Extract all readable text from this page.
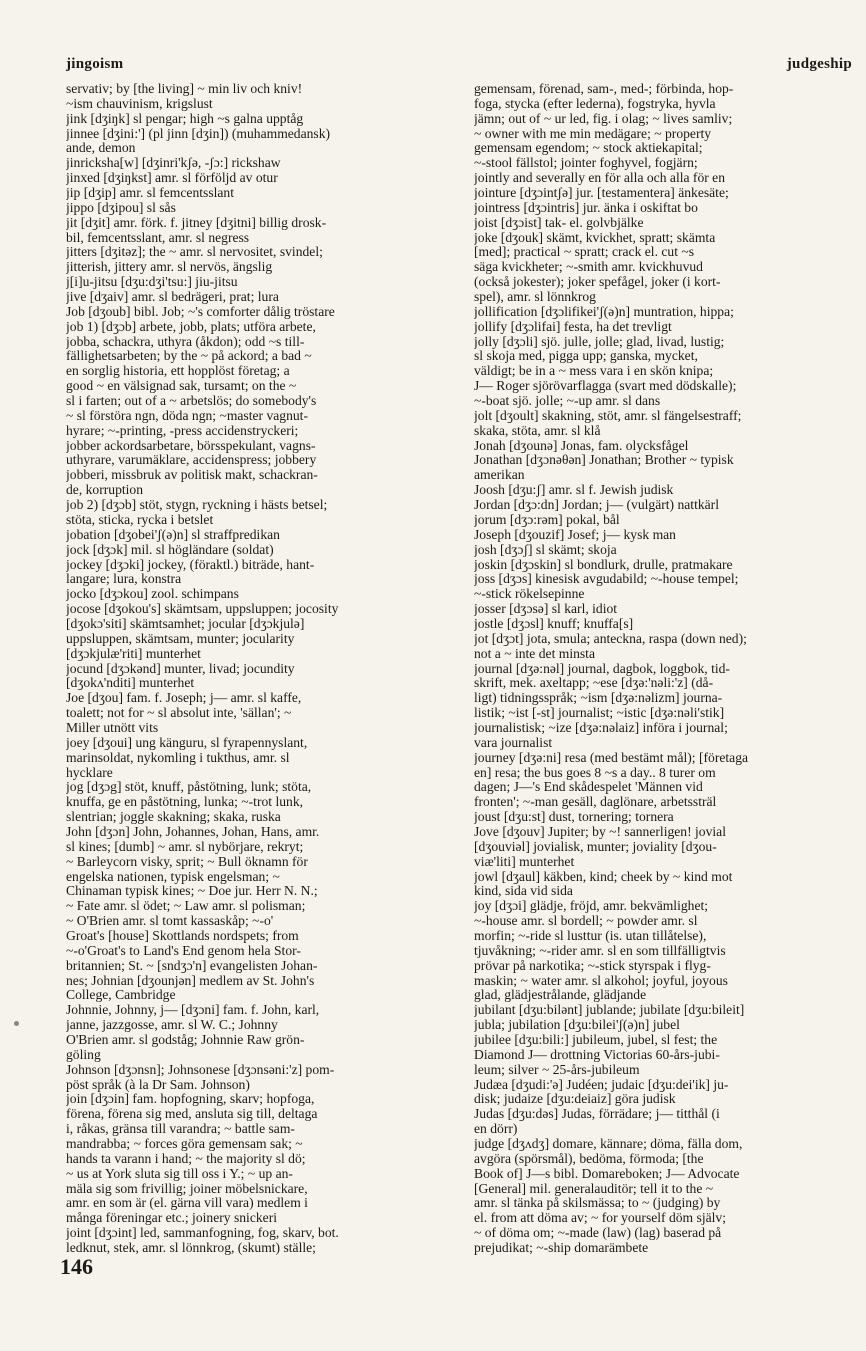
jingoism	judgeship
servativ; by [the living] ~ min liv och kniv!
~ism chauvinism, krigslust
jink [dʒiŋk] sl pengar; high ~s galna upptåg
jinnee [dʒini:'] (pl jinn [dʒin]) (muhammedansk)
ande, demon
jinricksha[w] [dʒinri'kʃə, -ʃɔ:] rickshaw
jinxed [dʒiŋkst] amr. sl förföljd av otur
jip [dʒip] amr. sl femcentsslant
jippo [dʒipou] sl sås
jit [dʒit] amr. förk. f. jitney [dʒitni] billig drosk-
bil, femcentsslant, amr. sl negress
jitters [dʒitəz]; the ~ amr. sl nervositet, svindel;
jitterish, jittery amr. sl nervös, ängslig
j[i]u-jitsu [dʒu:dʒi'tsu:] jiu-jitsu
jive [dʒaiv] amr. sl bedrägeri, prat; lura
Job [dʒoub] bibl. Job; ~'s comforter dålig tröstare
job 1) [dʒɔb] arbete, jobb, plats; utföra arbete,
jobba, schackra, uthyra (åkdon); odd ~s till-
fällighetsarbeten; by the ~ på ackord; a bad ~
en sorglig historia, ett hopplöst företag; a
good ~ en välsignad sak, tursamt; on the ~
sl i farten; out of a ~ arbetslös; do somebody's
~ sl förstöra ngn, döda ngn; ~master vagnut-
hyrare; ~-printing, -press accidenstryckeri;
jobber ackordsarbetare, börsspekulant, vagns-
uthyrare, varumäklare, accidenspress; jobbery
jobberi, missbruk av politisk makt, schackran-
de, korruption
job 2) [dʒɔb] stöt, stygn, ryckning i hästs betsel;
stöta, sticka, rycka i betslet
jobation [dʒobei'ʃ(ə)n] sl straffpredikan
jock [dʒɔk] mil. sl högländare (soldat)
jockey [dʒɔki] jockey, (föraktl.) biträde, hant-
langare; lura, konstra
jocko [dʒɔkou] zool. schimpans
jocose [dʒokou's] skämtsam, uppsluppen; jocosity
[dʒokɔ'siti] skämtsamhet; jocular [dʒɔkjulə]
uppsluppen, skämtsam, munter; jocularity
[dʒɔkjulæ'riti] munterhet
jocund [dʒɔkənd] munter, livad; jocundity
[dʒokʌ'nditi] munterhet
Joe [dʒou] fam. f. Joseph; j— amr. sl kaffe,
toalett; not for ~ sl absolut inte, 'sällan'; ~
Miller utnött vits
joey [dʒoui] ung känguru, sl fyrapennyslant,
marinsoldat, nykomling i tukthus, amr. sl
hycklare
jog [dʒɔg] stöt, knuff, påstötning, lunk; stöta,
knuffa, ge en påstötning, lunka; ~-trot lunk,
slentrian; joggle skakning; skaka, ruska
John [dʒɔn] John, Johannes, Johan, Hans, amr.
sl kines; [dumb] ~ amr. sl nybörjare, rekryt;
~ Barleycorn visky, sprit; ~ Bull öknamn för
engelska nationen, typisk engelsman; ~
Chinaman typisk kines; ~ Doe jur. Herr N. N.;
~ Fate amr. sl ödet; ~ Law amr. sl polisman;
~ O'Brien amr. sl tomt kassaskåp; ~-o'
Groat's [house] Skottlands nordspets; from
~-o'Groat's to Land's End genom hela Stor-
britannien; St. ~ [sndʒɔ'n] evangelisten Johan-
nes; Johnian [dʒounjən] medlem av St. John's
College, Cambridge
Johnnie, Johnny, j— [dʒɔni] fam. f. John, karl,
janne, jazzgosse, amr. sl W. C.; Johnny
O'Brien amr. sl godståg; Johnnie Raw grön-
göling
Johnson [dʒɔnsn]; Johnsonese [dʒɔnsəni:'z] pom-
pöst språk (à la Dr Sam. Johnson)
join [dʒɔin] fam. hopfogning, skarv; hopfoga,
förena, förena sig med, ansluta sig till, deltaga
i, råkas, gränsa till varandra; ~ battle sam-
mandrabba; ~ forces göra gemensam sak; ~
hands ta varann i hand; ~ the majority sl dö;
~ us at York sluta sig till oss i Y.; ~ up an-
mäla sig som frivillig; joiner möbelsnickare,
amr. en som är (el. gärna vill vara) medlem i
många föreningar etc.; joinery snickeri
joint [dʒɔint] led, sammanfogning, fog, skarv, bot.
ledknut, stek, amr. sl lönnkrog, (skumt) ställe;
gemensam, förenad, sam-, med-; förbinda, hop-
foga, stycka (efter lederna), fogstryka, hyvla
jämn; out of ~ ur led, fig. i olag; ~ lives samliv;
~ owner with me min medägare; ~ property
gemensam egendom; ~ stock aktiekapital;
~-stool fällstol; jointer foghyvel, fogjärn;
jointly and severally en för alla och alla för en
jointure [dʒɔintʃə] jur. [testamentera] änkesäte;
jointress [dʒɔintris] jur. änka i oskiftat bo
joist [dʒɔist] tak- el. golvbjälke
joke [dʒouk] skämt, kvickhet, spratt; skämta
[med]; practical ~ spratt; crack el. cut ~s
säga kvickheter; ~-smith amr. kvickhuvud
(också jokester); joker spefågel, joker (i kort-
spel), amr. sl lönnkrog
jollification [dʒɔlifikei'ʃ(ə)n] muntration, hippa;
jollify [dʒɔlifai] festa, ha det trevligt
jolly [dʒɔli] sjö. julle, jolle; glad, livad, lustig;
sl skoja med, pigga upp; ganska, mycket,
väldigt; be in a ~ mess vara i en skön knipa;
J— Roger sjörövarflagga (svart med dödskalle);
~-boat sjö. jolle; ~-up amr. sl dans
jolt [dʒoult] skakning, stöt, amr. sl fängelsestraff;
skaka, stöta, amr. sl klå
Jonah [dʒounə] Jonas, fam. olycksfågel
Jonathan [dʒɔnəθən] Jonathan; Brother ~ typisk
amerikan
Joosh [dʒu:ʃ] amr. sl f. Jewish judisk
Jordan [dʒɔ:dn] Jordan; j— (vulgärt) nattkärl
jorum [dʒɔ:rəm] pokal, bål
Joseph [dʒouzif] Josef; j— kysk man
josh [dʒɔʃ] sl skämt; skoja
joskin [dʒɔskin] sl bondlurk, drulle, pratmakare
joss [dʒɔs] kinesisk avgudabild; ~-house tempel;
~-stick rökelsepinne
josser [dʒɔsə] sl karl, idiot
jostle [dʒɔsl] knuff; knuffa[s]
jot [dʒɔt] jota, smula; anteckna, raspa (down ned);
not a ~ inte det minsta
journal [dʒə:nəl] journal, dagbok, loggbok, tid-
skrift, mek. axeltapp; ~ese [dʒə:'nəli:'z] (då-
ligt) tidningsspråk; ~ism [dʒə:nəlizm] journa-
listik; ~ist [-st] journalist; ~istic [dʒə:nəli'stik]
journalistisk; ~ize [dʒə:nəlaiz] införa i journal;
vara journalist
journey [dʒə:ni] resa (med bestämt mål); [företaga
en] resa; the bus goes 8 ~s a day.. 8 turer om
dagen; J—'s End skådespelet 'Männen vid
fronten'; ~-man gesäll, daglönare, arbetssträl
joust [dʒu:st] dust, tornering; tornera
Jove [dʒouv] Jupiter; by ~! sannerligen! jovial
[dʒouviəl] jovialisk, munter; joviality [dʒou-
viæ'liti] munterhet
jowl [dʒaul] käkben, kind; cheek by ~ kind mot
kind, sida vid sida
joy [dʒɔi] glädje, fröjd, amr. bekvämlighet;
~-house amr. sl bordell; ~ powder amr. sl
morfin; ~-ride sl lusttur (is. utan tillåtelse),
tjuvåkning; ~-rider amr. sl en som tillfälligtvis
prövar på narkotika; ~-stick styrspak i flyg-
maskin; ~ water amr. sl alkohol; joyful, joyous
glad, glädjestrålande, glädjande
jubilant [dʒu:bilənt] jublande; jubilate [dʒu:bileit]
jubla; jubilation [dʒu:bilei'ʃ(ə)n] jubel
jubilee [dʒu:bili:] jubileum, jubel, sl fest; the
Diamond J— drottning Victorias 60-års-jubi-
leum; silver ~ 25-års-jubileum
Judæa [dʒudi:'ə] Judéen; judaic [dʒu:dei'ik] ju-
disk; judaize [dʒu:deiaiz] göra judisk
Judas [dʒu:dəs] Judas, förrädare; j— titthål (i
en dörr)
judge [dʒʌdʒ] domare, kännare; döma, fälla dom,
avgöra (spörsmål), bedöma, förmoda; [the
Book of] J—s bibl. Domareboken; J— Advocate
[General] mil. generalauditör; tell it to the ~
amr. sl tänka på skilsmässa; to ~ (judging) by
el. from att döma av; ~ for yourself döm själv;
~ of döma om; ~-made (law) (lag) baserad på
prejudikat; ~-ship domarämbete
146
